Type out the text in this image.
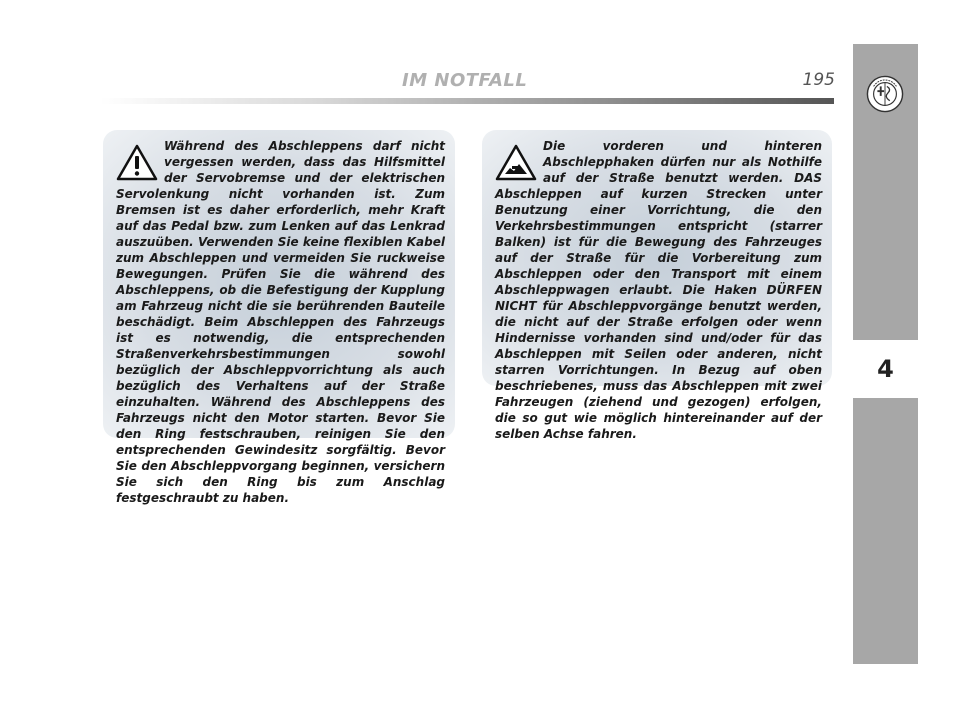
IM NOTFALL	195
4

Während des Abschleppens darf nicht vergessen werden, dass das Hilfsmittel der Servobremse und der elektrischen Servolenkung nicht vorhanden ist. Zum Bremsen ist es daher erforderlich, mehr Kraft auf das Pedal bzw. zum Lenken auf das Lenkrad auszuüben. Verwenden Sie keine flexiblen Kabel zum Abschleppen und vermeiden Sie ruckweise Bewegungen. Prüfen Sie die während des Abschleppens, ob die Befestigung der Kupplung am Fahrzeug nicht die sie berührenden Bauteile beschädigt. Beim Abschleppen des Fahrzeugs ist es notwendig, die entsprechenden Straßenverkehrsbestimmungen sowohl bezüglich der Abschleppvorrichtung als auch bezüglich des Verhaltens auf der Straße einzuhalten. Während des Abschleppens des Fahrzeugs nicht den Motor starten. Bevor Sie den Ring festschrauben, reinigen Sie den entsprechenden Gewindesitz sorgfältig. Bevor Sie den Abschleppvorgang beginnen, versichern Sie sich den Ring bis zum Anschlag festgeschraubt zu haben.

Die vorderen und hinteren Abschlepphaken dürfen nur als Nothilfe auf der Straße benutzt werden. DAS Abschleppen auf kurzen Strecken unter Benutzung einer Vorrichtung, die den Verkehrsbestimmungen entspricht (starrer Balken) ist für die Bewegung des Fahrzeuges auf der Straße für die Vorbereitung zum Abschleppen oder den Transport mit einem Abschleppwagen erlaubt. Die Haken DÜRFEN NICHT für Abschleppvorgänge benutzt werden, die nicht auf der Straße erfolgen oder wenn Hindernisse vorhanden sind und/oder für das Abschleppen mit Seilen oder anderen, nicht starren Vorrichtungen. In Bezug auf oben beschriebenes, muss das Abschleppen mit zwei Fahrzeugen (ziehend und gezogen) erfolgen, die so gut wie möglich hintereinander auf der selben Achse fahren.
